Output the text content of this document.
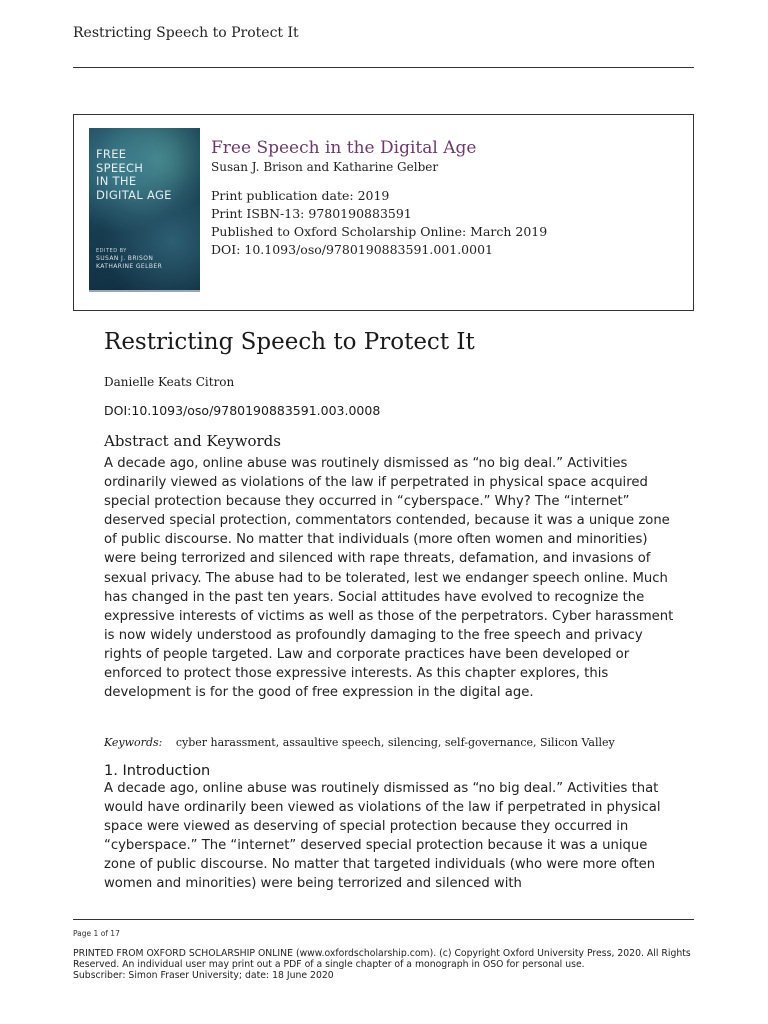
Restricting Speech to Protect It
FREE
SPEECH
IN THE
DIGITAL AGE
EDITED BY
SUSAN J. BRISON
KATHARINE GELBER
Free Speech in the Digital Age
Susan J. Brison and Katharine Gelber
Print publication date: 2019
Print ISBN-13: 9780190883591
Published to Oxford Scholarship Online: March 2019
DOI: 10.1093/oso/9780190883591.001.0001
Restricting Speech to Protect It
Danielle Keats Citron
DOI:10.1093/oso/9780190883591.003.0008
Abstract and Keywords
A decade ago, online abuse was routinely dismissed as “no big deal.” Activities ordinarily viewed as violations of the law if perpetrated in physical space acquired special protection because they occurred in “cyberspace.” Why? The “internet” deserved special protection, commentators contended, because it was a unique zone of public discourse. No matter that individuals (more often women and minorities) were being terrorized and silenced with rape threats, defamation, and invasions of sexual privacy. The abuse had to be tolerated, lest we endanger speech online. Much has changed in the past ten years. Social attitudes have evolved to recognize the expressive interests of victims as well as those of the perpetrators. Cyber harassment is now widely understood as profoundly damaging to the free speech and privacy rights of people targeted. Law and corporate practices have been developed or enforced to protect those expressive interests. As this chapter explores, this development is for the good of free expression in the digital age.
Keywords: cyber harassment, assaultive speech, silencing, self-governance, Silicon Valley
1. Introduction
A decade ago, online abuse was routinely dismissed as “no big deal.” Activities that would have ordinarily been viewed as violations of the law if perpetrated in physical space were viewed as deserving of special protection because they occurred in “cyberspace.” The “internet” deserved special protection because it was a unique zone of public discourse. No matter that targeted individuals (who were more often women and minorities) were being terrorized and silenced with
Page 1 of 17
PRINTED FROM OXFORD SCHOLARSHIP ONLINE (www.oxfordscholarship.com). (c) Copyright Oxford University Press, 2020. All Rights Reserved. An individual user may print out a PDF of a single chapter of a monograph in OSO for personal use.
Subscriber: Simon Fraser University; date: 18 June 2020
